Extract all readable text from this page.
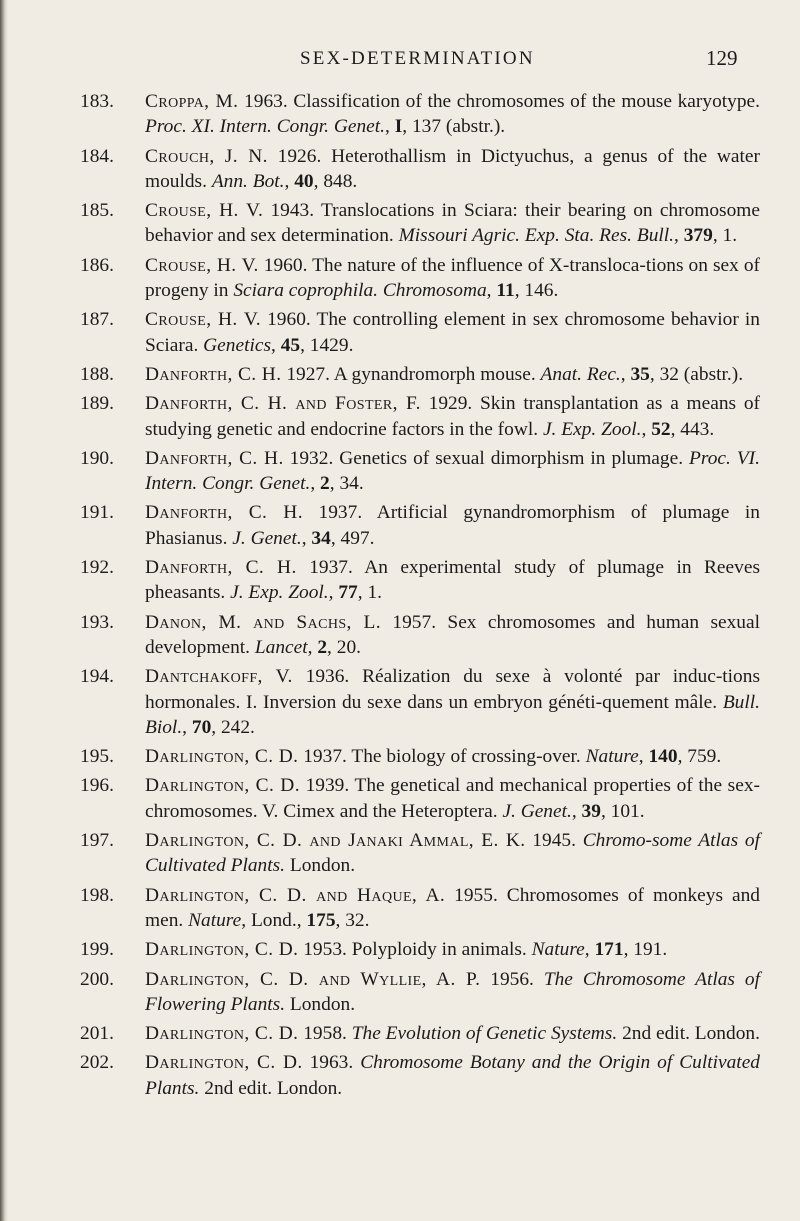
SEX-DETERMINATION	129
183.	Croppa, M. 1963. Classification of the chromosomes of the mouse karyotype. Proc. XI. Intern. Congr. Genet., I, 137 (abstr.).
184.	Crouch, J. N. 1926. Heterothallism in Dictyuchus, a genus of the water moulds. Ann. Bot., 40, 848.
185.	Crouse, H. V. 1943. Translocations in Sciara: their bearing on chromosome behavior and sex determination. Missouri Agric. Exp. Sta. Res. Bull., 379, 1.
186.	Crouse, H. V. 1960. The nature of the influence of X-transloca-tions on sex of progeny in Sciara coprophila. Chromosoma, 11, 146.
187.	Crouse, H. V. 1960. The controlling element in sex chromosome behavior in Sciara. Genetics, 45, 1429.
188.	Danforth, C. H. 1927. A gynandromorph mouse. Anat. Rec., 35, 32 (abstr.).
189.	Danforth, C. H. and Foster, F. 1929. Skin transplantation as a means of studying genetic and endocrine factors in the fowl. J. Exp. Zool., 52, 443.
190.	Danforth, C. H. 1932. Genetics of sexual dimorphism in plumage. Proc. VI. Intern. Congr. Genet., 2, 34.
191.	Danforth, C. H. 1937. Artificial gynandromorphism of plumage in Phasianus. J. Genet., 34, 497.
192.	Danforth, C. H. 1937. An experimental study of plumage in Reeves pheasants. J. Exp. Zool., 77, 1.
193.	Danon, M. and Sachs, L. 1957. Sex chromosomes and human sexual development. Lancet, 2, 20.
194.	Dantchakoff, V. 1936. Réalization du sexe à volonté par induc-tions hormonales. I. Inversion du sexe dans un embryon généti-quement mâle. Bull. Biol., 70, 242.
195.	Darlington, C. D. 1937. The biology of crossing-over. Nature, 140, 759.
196.	Darlington, C. D. 1939. The genetical and mechanical properties of the sex-chromosomes. V. Cimex and the Heteroptera. J. Genet., 39, 101.
197.	Darlington, C. D. and Janaki Ammal, E. K. 1945. Chromo-some Atlas of Cultivated Plants. London.
198.	Darlington, C. D. and Haque, A. 1955. Chromosomes of monkeys and men. Nature, Lond., 175, 32.
199.	Darlington, C. D. 1953. Polyploidy in animals. Nature, 171, 191.
200.	Darlington, C. D. and Wyllie, A. P. 1956. The Chromosome Atlas of Flowering Plants. London.
201.	Darlington, C. D. 1958. The Evolution of Genetic Systems. 2nd edit. London.
202.	Darlington, C. D. 1963. Chromosome Botany and the Origin of Cultivated Plants. 2nd edit. London.
